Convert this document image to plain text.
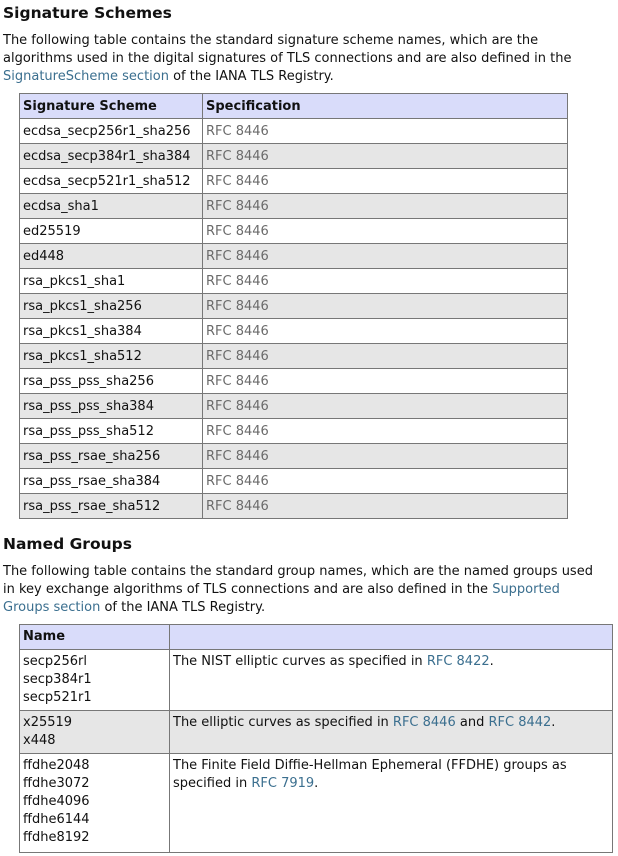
Signature Schemes

The following table contains the standard signature scheme names, which are the algorithms used in the digital signatures of TLS connections and are also defined in the SignatureScheme section of the IANA TLS Registry.

Signature Scheme	Specification
ecdsa_secp256r1_sha256	RFC 8446
ecdsa_secp384r1_sha384	RFC 8446
ecdsa_secp521r1_sha512	RFC 8446
ecdsa_sha1	RFC 8446
ed25519	RFC 8446
ed448	RFC 8446
rsa_pkcs1_sha1	RFC 8446
rsa_pkcs1_sha256	RFC 8446
rsa_pkcs1_sha384	RFC 8446
rsa_pkcs1_sha512	RFC 8446
rsa_pss_pss_sha256	RFC 8446
rsa_pss_pss_sha384	RFC 8446
rsa_pss_pss_sha512	RFC 8446
rsa_pss_rsae_sha256	RFC 8446
rsa_pss_rsae_sha384	RFC 8446
rsa_pss_rsae_sha512	RFC 8446
Named Groups

The following table contains the standard group names, which are the named groups used in key exchange algorithms of TLS connections and are also defined in the Supported Groups section of the IANA TLS Registry.

Name	

secp256rl
secp384r1
secp521r1	The NIST elliptic curves as specified in RFC 8422.

x25519
x448	The elliptic curves as specified in RFC 8446 and RFC 8442.

ffdhe2048
ffdhe3072
ffdhe4096
ffdhe6144
ffdhe8192	The Finite Field Diffie-Hellman Ephemeral (FFDHE) groups as specified in RFC 7919.
